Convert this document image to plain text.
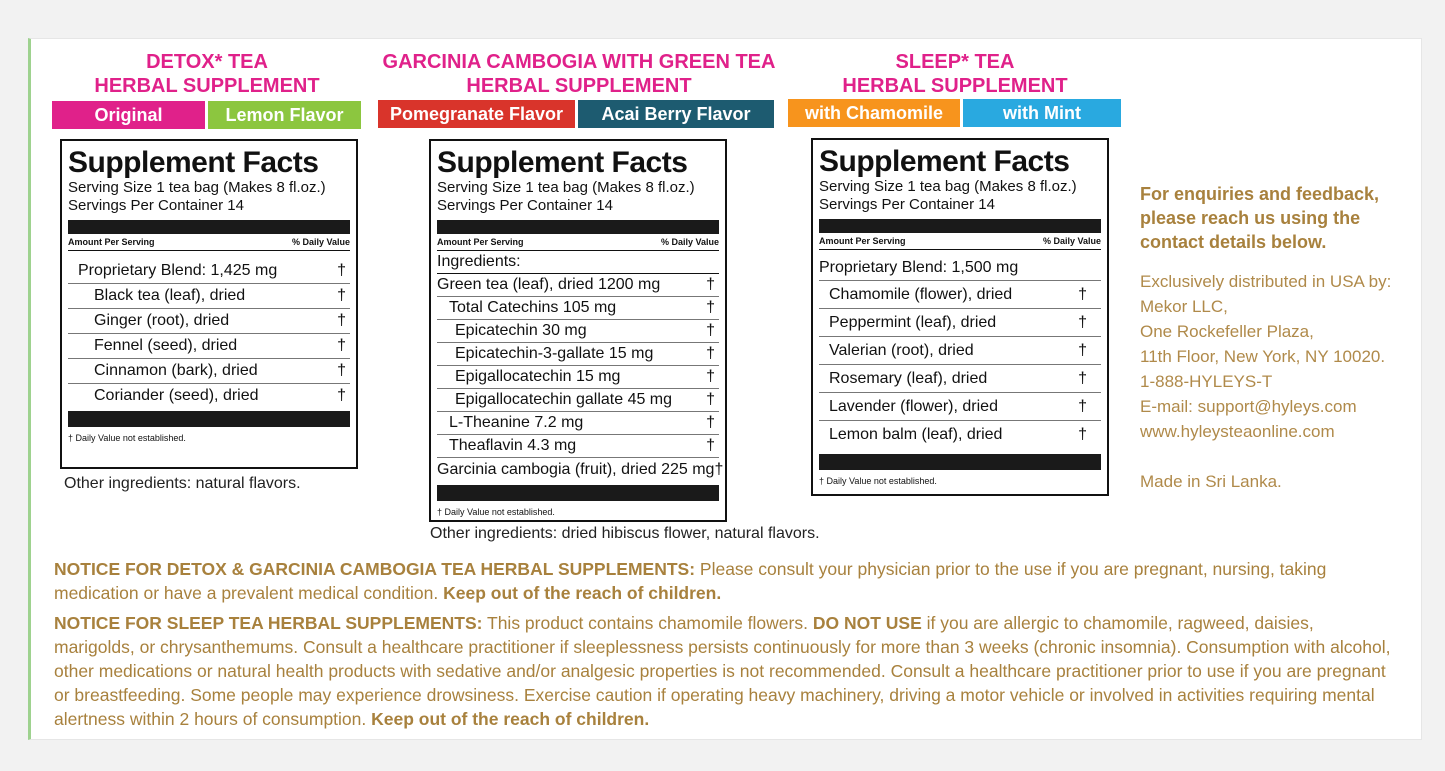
DETOX* TEA
HERBAL SUPPLEMENT
GARCINIA CAMBOGIA WITH GREEN TEA
HERBAL SUPPLEMENT
SLEEP* TEA
HERBAL SUPPLEMENT
Original	Lemon Flavor	Pomegranate Flavor	Acai Berry Flavor	with Chamomile	with Mint
Supplement Facts
Serving Size 1 tea bag (Makes 8 fl.oz.)
Servings Per Container 14
Amount Per Serving	% Daily Value
Proprietary Blend: 1,425 mg	†
Black tea (leaf), dried	†
Ginger (root), dried	†
Fennel (seed), dried	†
Cinnamon (bark), dried	†
Coriander (seed), dried	†
† Daily Value not established.
Other ingredients: natural flavors.
Supplement Facts
Serving Size 1 tea bag (Makes 8 fl.oz.)
Servings Per Container 14
Amount Per Serving	% Daily Value
Ingredients:
Green tea (leaf), dried 1200 mg	†
Total Catechins 105 mg	†
Epicatechin 30 mg	†
Epicatechin-3-gallate 15 mg	†
Epigallocatechin 15 mg	†
Epigallocatechin gallate 45 mg †
L-Theanine 7.2 mg	†
Theaflavin 4.3 mg	†
Garcinia cambogia (fruit), dried 225 mg †
† Daily Value not established.
Other ingredients: dried hibiscus flower, natural flavors.
Supplement Facts
Serving Size 1 tea bag (Makes 8 fl.oz.)
Servings Per Container 14
Amount Per Serving	% Daily Value
Proprietary Blend: 1,500 mg
Chamomile (flower), dried	†
Peppermint (leaf), dried	†
Valerian (root), dried	†
Rosemary (leaf), dried	†
Lavender (flower), dried	†
Lemon balm (leaf), dried	†
† Daily Value not established.
For enquiries and feedback,
please reach us using the
contact details below.
Exclusively distributed in USA by:
Mekor LLC,
One Rockefeller Plaza,
11th Floor, New York, NY 10020.
1-888-HYLEYS-T
E-mail: support@hyleys.com
www.hyleysteaonline.com
Made in Sri Lanka.
NOTICE FOR DETOX & GARCINIA CAMBOGIA TEA HERBAL SUPPLEMENTS: Please consult your physician prior to the use if you are pregnant, nursing, taking medication or have a prevalent medical condition. Keep out of the reach of children.
NOTICE FOR SLEEP TEA HERBAL SUPPLEMENTS: This product contains chamomile flowers. DO NOT USE if you are allergic to chamomile, ragweed, daisies, marigolds, or chrysanthemums. Consult a healthcare practitioner if sleeplessness persists continuously for more than 3 weeks (chronic insomnia). Consumption with alcohol, other medications or natural health products with sedative and/or analgesic properties is not recommended. Consult a healthcare practitioner prior to use if you are pregnant or breastfeeding. Some people may experience drowsiness. Exercise caution if operating heavy machinery, driving a motor vehicle or involved in activities requiring mental alertness within 2 hours of consumption. Keep out of the reach of children.
